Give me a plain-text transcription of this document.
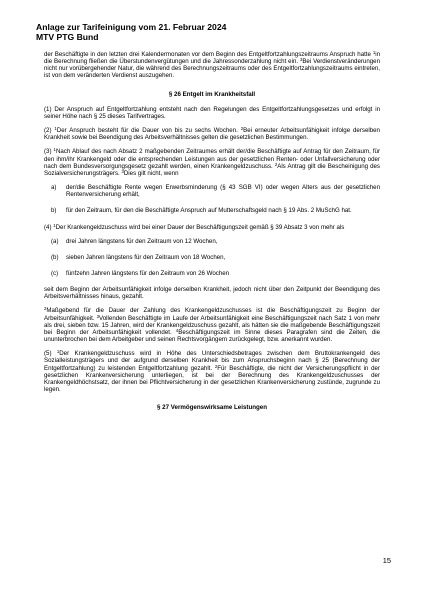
Anlage zur Tarifeinigung vom 21. Februar 2024
MTV PTG Bund

der Beschäftigte in den letzten drei Kalendermonaten vor dem Beginn des Entgeltfortzahlungszeitraums Anspruch hatte $^1$in die Berechnung fließen die Überstundenvergütungen und die Jahressonderzahlung nicht ein. $^3$Bei Verdienstveränderungen nicht nur vorübergehender Natur, die während des Berechnungszeitraums oder des Entgeltfortzahlungszeitraums eintreten, ist von dem veränderten Verdienst auszugehen.

§ 26 Entgelt im Krankheitsfall

(1) Der Anspruch auf Entgeltfortzahlung entsteht nach den Regelungen des Entgeltfortzahlungsgesetzes und erfolgt in seiner Höhe nach § 25 dieses Tarifvertrages.

(2) $^1$Der Anspruch besteht für die Dauer von bis zu sechs Wochen. $^2$Bei erneuter Arbeitsunfähigkeit infolge derselben Krankheit sowie bei Beendigung des Arbeitsverhältnisses gelten die gesetzlichen Bestimmungen.

(3) $^1$Nach Ablauf des nach Absatz 2 maßgebenden Zeitraumes erhält der/die Beschäftigte auf Antrag für den Zeitraum, für den ihm/ihr Krankengeld oder die entsprechenden Leistungen aus der gesetzlichen Renten- oder Unfallversicherung oder nach dem Bundesversorgungsgesetz gezahlt werden, einen Krankengeldzuschuss. $^2$Als Antrag gilt die Bescheinigung des Sozialversicherungsträgers. $^3$Dies gilt nicht, wenn

a)	der/die Beschäftigte Rente wegen Erwerbsminderung (§ 43 SGB VI) oder wegen Alters aus der gesetzlichen Rentenversicherung erhält,
b)	für den Zeitraum, für den die Beschäftigte Anspruch auf Mutterschaftsgeld nach § 19 Abs. 2 MuSchG hat.

(4) $^1$Der Krankengeldzuschuss wird bei einer Dauer der Beschäftigungszeit gemäß § 39 Absatz 3 von mehr als

(a)	drei Jahren längstens für den Zeitraum von 12 Wochen,
(b)	sieben Jahren längstens für den Zeitraum von 18 Wochen,
(c)	fünfzehn Jahren längstens für den Zeitraum von 26 Wochen

seit dem Beginn der Arbeitsunfähigkeit infolge derselben Krankheit, jedoch nicht über den Zeitpunkt der Beendigung des Arbeitsverhältnisses hinaus, gezahlt.

$^2$Maßgebend für die Dauer der Zahlung des Krankengeldzuschusses ist die Beschäftigungszeit zu Beginn der Arbeitsunfähigkeit. $^3$Vollenden Beschäftigte im Laufe der Arbeitsunfähigkeit eine Beschäftigungszeit nach Satz 1 von mehr als drei, sieben bzw. 15 Jahren, wird der Krankengeldzuschuss gezahlt, als hätten sie die maßgebende Beschäftigungszeit bei Beginn der Arbeitsunfähigkeit vollendet. $^4$Beschäftigungszeit im Sinne dieses Paragrafen sind die Zeiten, die ununterbrochen bei dem Arbeitgeber und seinen Rechtsvorgängern zurückgelegt, bzw. anerkannt wurden.

(5) $^1$Der Krankengeldzuschuss wird in Höhe des Unterschiedsbetrages zwischen dem Bruttokrankengeld des Sozialleistungsträgers und der aufgrund derselben Krankheit bis zum Anspruchsbeginn nach § 25 (Berechnung der Entgeltfortzahlung) zu leistenden Entgeltfortzahlung gezahlt. $^2$Für Beschäftigte, die nicht der Versicherungspflicht in der gesetzlichen Krankenversicherung unterliegen, ist bei der Berechnung des Krankengeldzuschusses der Krankengeldhöchstsatz, der ihnen bei Pflichtversicherung in der gesetzlichen Krankenversicherung zustünde, zugrunde zu legen.

§ 27 Vermögenswirksame Leistungen
15
